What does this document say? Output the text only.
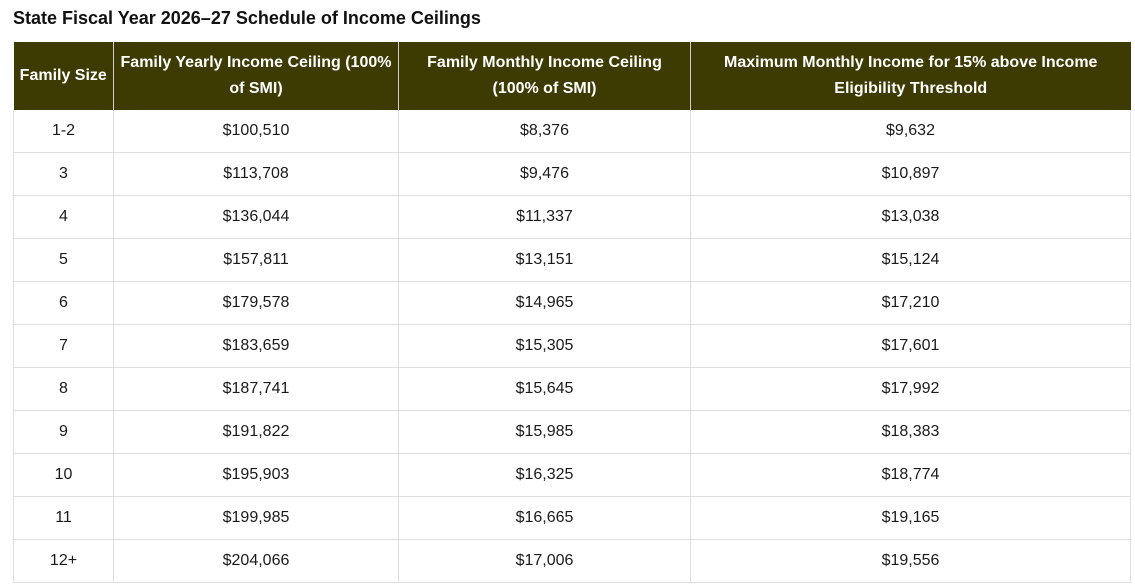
State Fiscal Year 2026–27 Schedule of Income Ceilings
Family Size	Family Yearly Income Ceiling (100% of SMI)	Family Monthly Income Ceiling (100% of SMI)	Maximum Monthly Income for 15% above Income Eligibility Threshold
1-2	$100,510	$8,376	$9,632
3	$113,708	$9,476	$10,897
4	$136,044	$11,337	$13,038
5	$157,811	$13,151	$15,124
6	$179,578	$14,965	$17,210
7	$183,659	$15,305	$17,601
8	$187,741	$15,645	$17,992
9	$191,822	$15,985	$18,383
10	$195,903	$16,325	$18,774
11	$199,985	$16,665	$19,165
12+	$204,066	$17,006	$19,556
